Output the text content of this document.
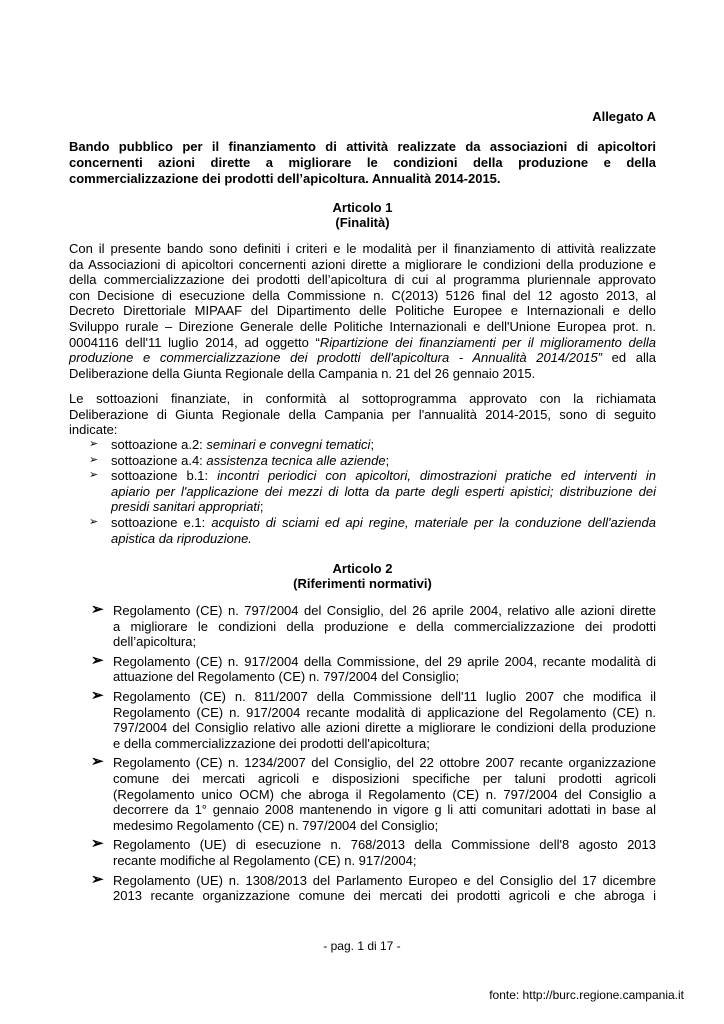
Allegato A
Bando pubblico per il finanziamento di attività realizzate da associazioni di apicoltori
concernenti azioni dirette a migliorare le condizioni della produzione e della
commercializzazione dei prodotti dell’apicoltura. Annualità 2014-2015.
Articolo 1
(Finalità)
Con il presente bando sono definiti i criteri e le modalità per il finanziamento di attività realizzate
da Associazioni di apicoltori concernenti azioni dirette a migliorare le condizioni della produzione e
della commercializzazione dei prodotti dell’apicoltura di cui al programma pluriennale approvato
con Decisione di esecuzione della Commissione n. C(2013) 5126 final del 12 agosto 2013, al
Decreto Direttoriale MIPAAF del Dipartimento delle Politiche Europee e Internazionali e dello
Sviluppo rurale – Direzione Generale delle Politiche Internazionali e dell'Unione Europea prot. n.
0004116 dell'11 luglio 2014, ad oggetto “Ripartizione dei finanziamenti per il miglioramento della
produzione e commercializzazione dei prodotti dell'apicoltura - Annualità 2014/2015” ed alla
Deliberazione della Giunta Regionale della Campania n. 21 del 26 gennaio 2015.
Le sottoazioni finanziate, in conformità al sottoprogramma approvato con la richiamata
Deliberazione di Giunta Regionale della Campania per l'annualità 2014-2015, sono di seguito
indicate:
➢ sottoazione a.2: seminari e convegni tematici;
➢ sottoazione a.4: assistenza tecnica alle aziende;
➢ sottoazione b.1: incontri periodici con apicoltori, dimostrazioni pratiche ed interventi in
apiario per l'applicazione dei mezzi di lotta da parte degli esperti apistici; distribuzione dei
presidi sanitari appropriati;
➢ sottoazione e.1: acquisto di sciami ed api regine, materiale per la conduzione dell'azienda
apistica da riproduzione.
Articolo 2
(Riferimenti normativi)
➢ Regolamento (CE) n. 797/2004 del Consiglio, del 26 aprile 2004, relativo alle azioni dirette
a migliorare le condizioni della produzione e della commercializzazione dei prodotti
dell’apicoltura;
➢ Regolamento (CE) n. 917/2004 della Commissione, del 29 aprile 2004, recante modalità di
attuazione del Regolamento (CE) n. 797/2004 del Consiglio;
➢ Regolamento (CE) n. 811/2007 della Commissione dell'11 luglio 2007 che modifica il
Regolamento (CE) n. 917/2004 recante modalità di applicazione del Regolamento (CE) n.
797/2004 del Consiglio relativo alle azioni dirette a migliorare le condizioni della produzione
e della commercializzazione dei prodotti dell'apicoltura;
➢ Regolamento (CE) n. 1234/2007 del Consiglio, del 22 ottobre 2007 recante organizzazione
comune dei mercati agricoli e disposizioni specifiche per taluni prodotti agricoli
(Regolamento unico OCM) che abroga il Regolamento (CE) n. 797/2004 del Consiglio a
decorrere da 1° gennaio 2008 mantenendo in vigore g li atti comunitari adottati in base al
medesimo Regolamento (CE) n. 797/2004 del Consiglio;
➢ Regolamento (UE) di esecuzione n. 768/2013 della Commissione dell'8 agosto 2013
recante modifiche al Regolamento (CE) n. 917/2004;
➢ Regolamento (UE) n. 1308/2013 del Parlamento Europeo e del Consiglio del 17 dicembre
2013 recante organizzazione comune dei mercati dei prodotti agricoli e che abroga i
- pag. 1 di 17 -
fonte: http://burc.regione.campania.it
